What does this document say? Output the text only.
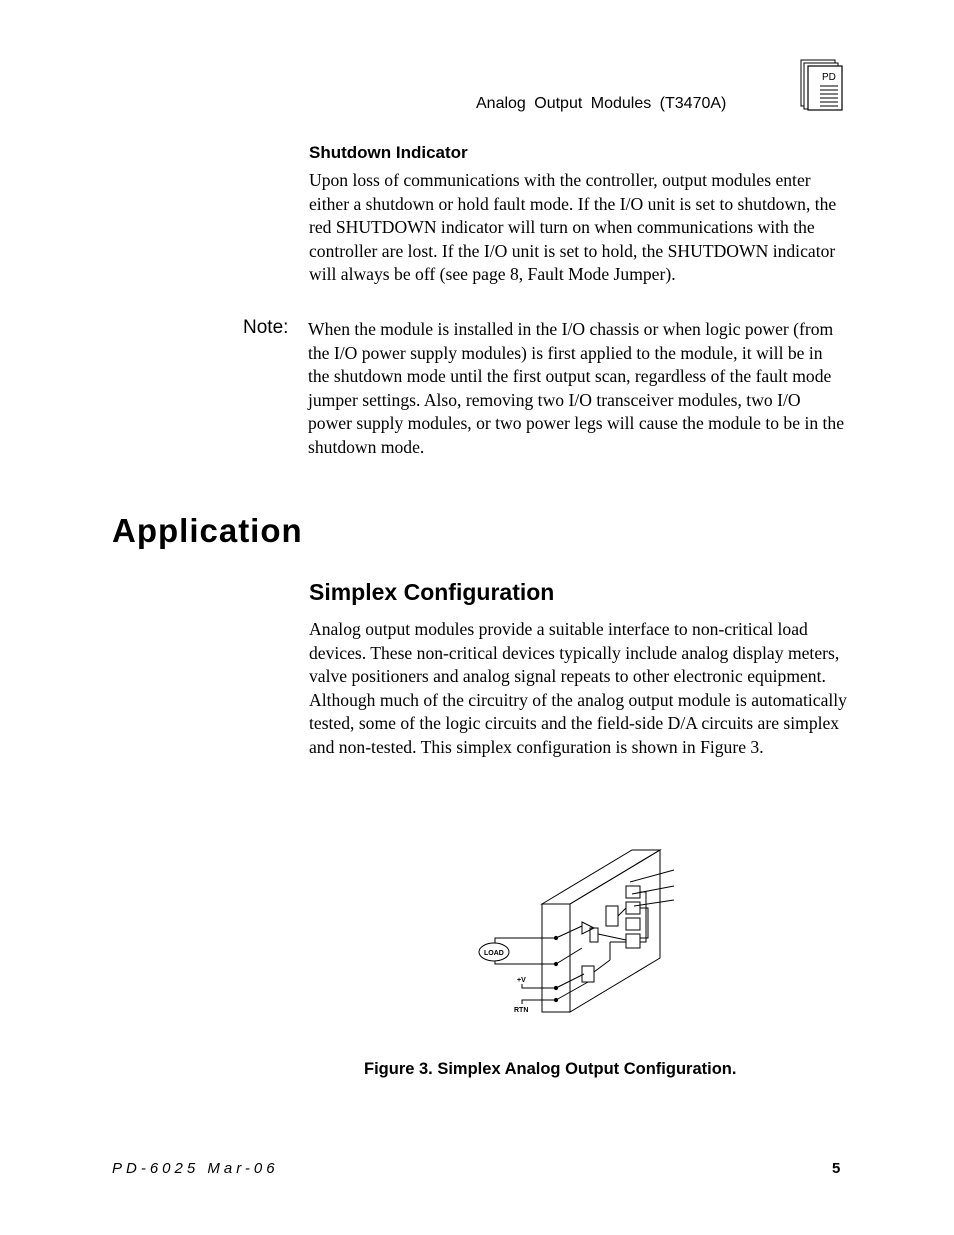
Analog Output Modules (T3470A)
PD
Shutdown Indicator
Upon loss of communications with the controller, output modules enter either a shutdown or hold fault mode. If the I/O unit is set to shutdown, the red SHUTDOWN indicator will turn on when communications with the controller are lost. If the I/O unit is set to hold, the SHUTDOWN indicator will always be off (see page 8, Fault Mode Jumper).
Note: When the module is installed in the I/O chassis or when logic power (from the I/O power supply modules) is first applied to the module, it will be in the shutdown mode until the first output scan, regardless of the fault mode jumper settings. Also, removing two I/O transceiver modules, two I/O power supply modules, or two power legs will cause the module to be in the shutdown mode.
Application
Simplex Configuration
Analog output modules provide a suitable interface to non-critical load devices. These non-critical devices typically include analog display meters, valve positioners and analog signal repeats to other electronic equipment. Although much of the circuitry of the analog output module is automatically tested, some of the logic circuits and the field-side D/A circuits are simplex and non-tested. This simplex configuration is shown in Figure 3.
LOAD
+V
RTN
Figure 3. Simplex Analog Output Configuration.
PD-6025 Mar-06	5
